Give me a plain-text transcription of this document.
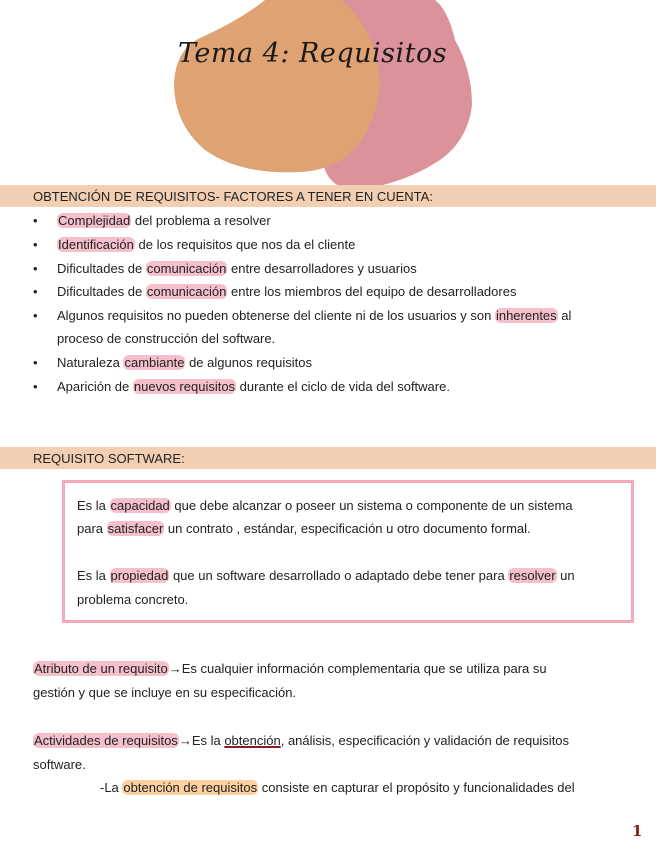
Tema 4: Requisitos
OBTENCIÓN DE REQUISITOS- FACTORES A TENER EN CUENTA:
Complejidad del problema a resolver
•
Identificación de los requisitos que nos da el cliente
•
Dificultades de comunicación entre desarrolladores y usuarios
•
Dificultades de comunicación entre los miembros del equipo de desarrolladores
•
Algunos requisitos no pueden obtenerse del cliente ni de los usuarios y son inherentes al
•
proceso de construcción del software.
Naturaleza cambiante de algunos requisitos
•
Aparición de nuevos requisitos durante el ciclo de vida del software.
•
REQUISITO SOFTWARE:
Es la capacidad que debe alcanzar o poseer un sistema o componente de un sistema
para satisfacer un contrato , estándar, especificación u otro documento formal.
Es la propiedad que un software desarrollado o adaptado debe tener para resolver un
problema concreto.
Atributo de un requisito→Es cualquier información complementaria que se utiliza para su
gestión y que se incluye en su especificación.
Actividades de requisitos→Es la obtención, análisis, especificación y validación de requisitos
software.
-La obtención de requisitos consiste en capturar el propósito y funcionalidades del
1
